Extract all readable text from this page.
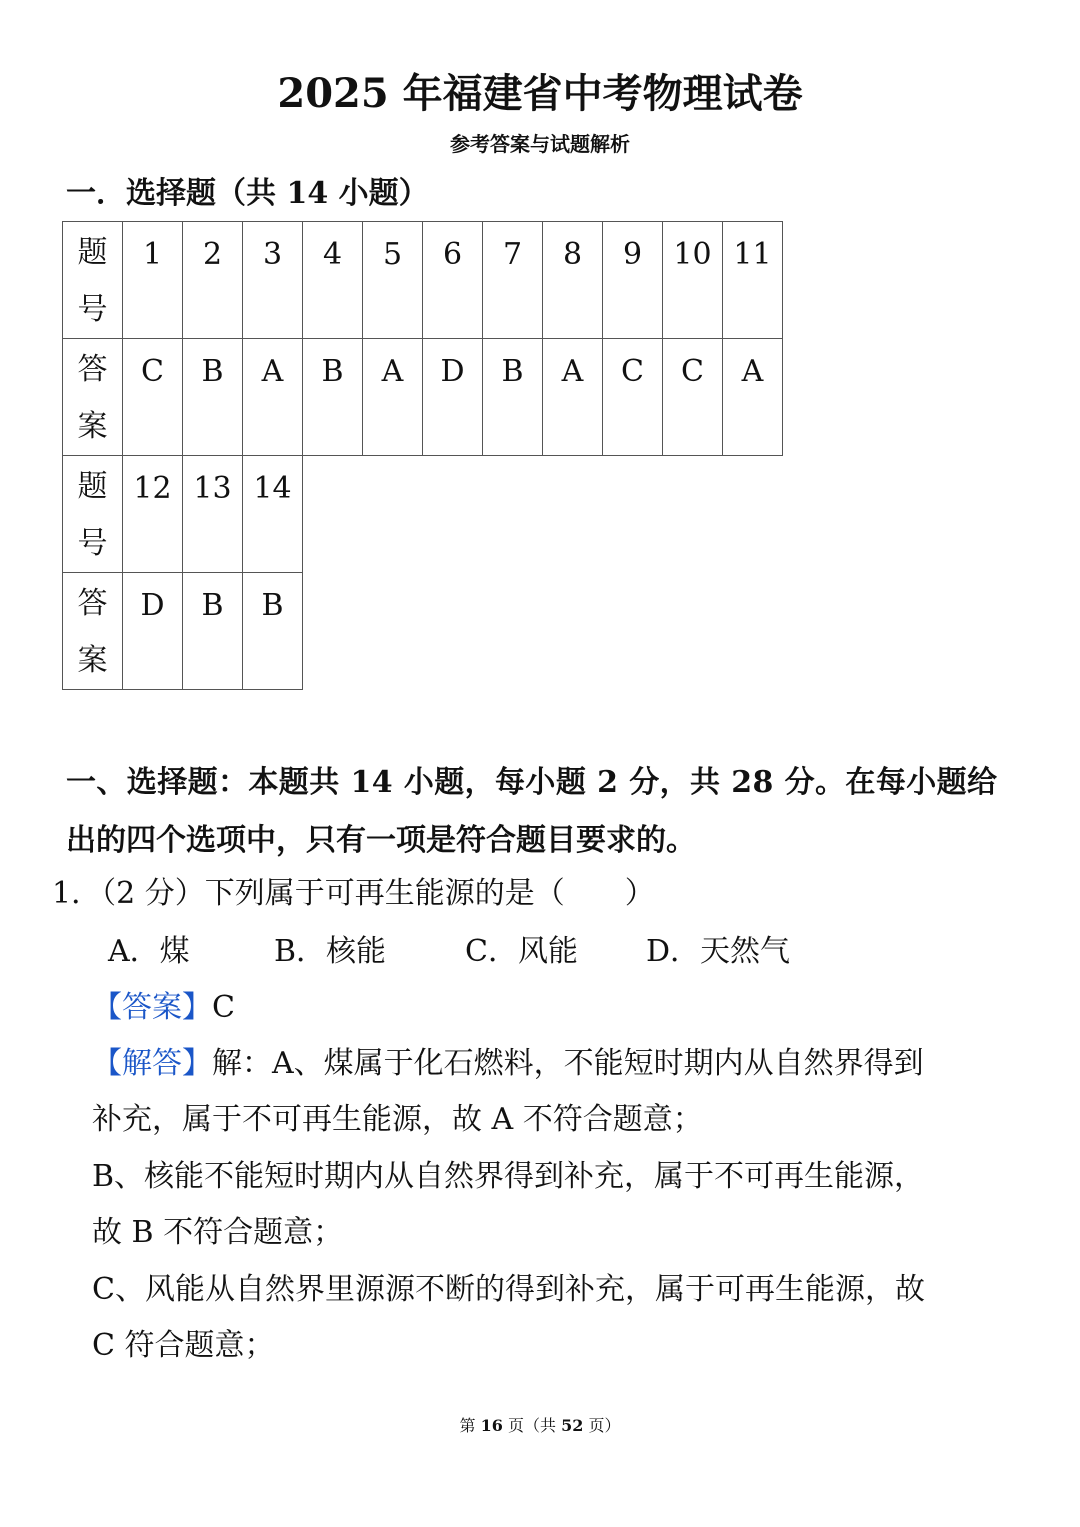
2025 年福建省中考物理试卷
参考答案与试题解析
一．选择题（共 14 小题）
题
号	1	2	3	4	5	6	7	8	9	10	11

答
案	C	B	A	B	A	D	B	A	C	C	A

题
号	12	13	14								

答
案	D	B	B								
一、选择题：本题共 14 小题，每小题 2 分，共 28 分。在每小题给
出的四个选项中，只有一项是符合题目要求的。
1．（2 分）下列属于可再生能源的是（　　）
A．煤	B．核能	C．风能 D．天然气
【答案】C
【解答】解：A、煤属于化石燃料，不能短时期内从自然界得到
补充，属于不可再生能源，故 A 不符合题意；
B、核能不能短时期内从自然界得到补充，属于不可再生能源，
故 B 不符合题意；
C、风能从自然界里源源不断的得到补充，属于可再生能源，故
C 符合题意；
第 16 页（共 52 页）
